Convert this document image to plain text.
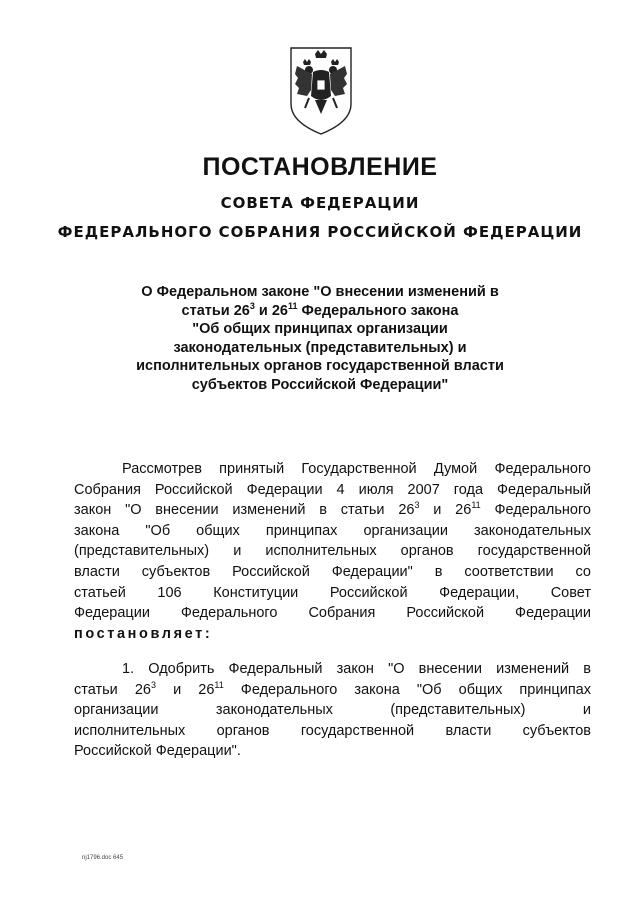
ПОСТАНОВЛЕНИЕ
СОВЕТА ФЕДЕРАЦИИ
ФЕДЕРАЛЬНОГО СОБРАНИЯ РОССИЙСКОЙ ФЕДЕРАЦИИ
О Федеральном законе "О внесении изменений в
статьи $26^3$ и $26^{11}$ Федерального закона
"Об общих принципах организации
законодательных (представительных) и
исполнительных органов государственной власти
субъектов Российской Федерации"
Рассмотрев принятый Государственной Думой Федерального
Собрания Российской Федерации 4 июля 2007 года Федеральный
закон "О внесении изменений в статьи $26^3$ и $26^{11}$ Федерального
закона "Об общих принципах организации законодательных
(представительных) и исполнительных органов государственной
власти субъектов Российской Федерации" в соответствии со
статьей 106 Конституции Российской Федерации, Совет
Федерации Федерального Собрания Российской Федерации
постановляет:
1. Одобрить Федеральный закон "О внесении изменений в
статьи $26^3$ и $26^{11}$ Федерального закона "Об общих принципах
организации законодательных (представительных) и
исполнительных органов государственной власти субъектов
Российской Федерации".
nj1796.doc 645
